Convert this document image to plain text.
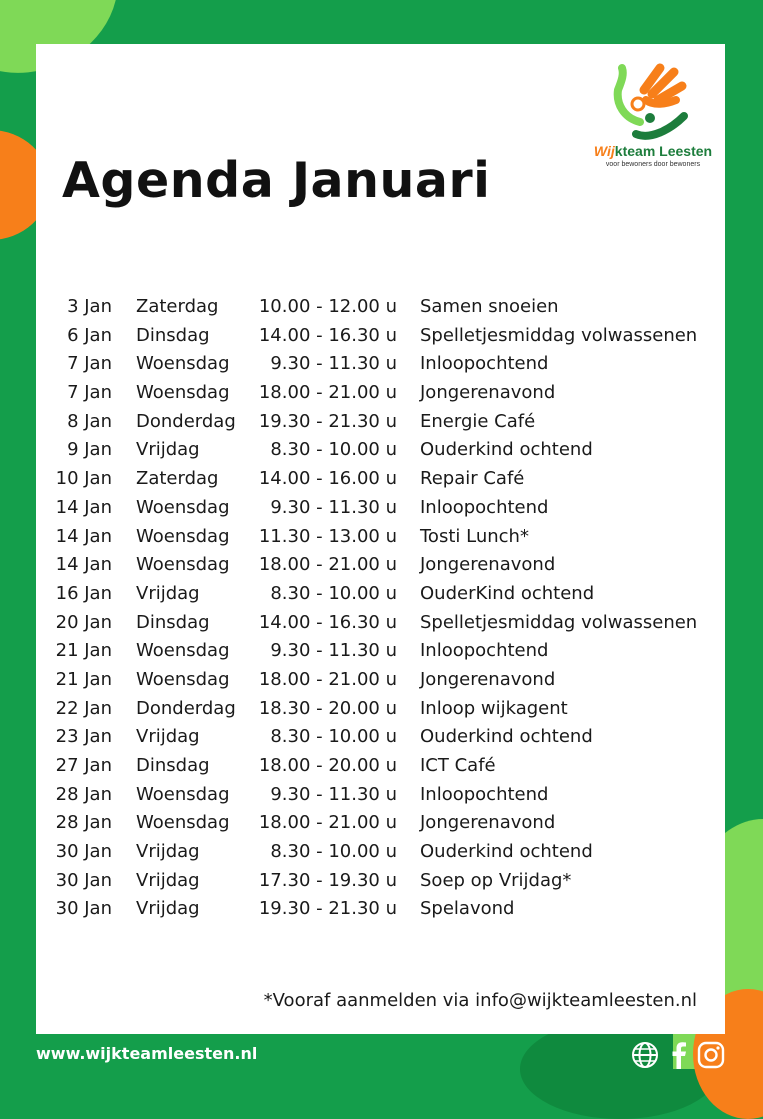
Wijkteam Leesten
voor bewoners door bewoners
Agenda Januari
3 Jan Zaterdag	10.00 - 12.00 u Samen snoeien
6 Jan Dinsdag	14.00 - 16.30 u Spelletjesmiddag volwassenen
7 Jan Woensdag	9.30 - 11.30 u Inloopochtend
7 Jan Woensdag	18.00 - 21.00 u Jongerenavond
8 Jan Donderdag	19.30 - 21.30 u Energie Café
9 Jan Vrijdag	8.30 - 10.00 u Ouderkind ochtend
10 Jan Zaterdag	14.00 - 16.00 u Repair Café
14 Jan Woensdag	9.30 - 11.30 u Inloopochtend
14 Jan Woensdag	11.30 - 13.00 u Tosti Lunch*
14 Jan Woensdag	18.00 - 21.00 u Jongerenavond
16 Jan Vrijdag	8.30 - 10.00 u OuderKind ochtend
20 Jan Dinsdag	14.00 - 16.30 u Spelletjesmiddag volwassenen
21 Jan Woensdag	9.30 - 11.30 u Inloopochtend
21 Jan Woensdag	18.00 - 21.00 u Jongerenavond
22 Jan Donderdag	18.30 - 20.00 u Inloop wijkagent
23 Jan Vrijdag	8.30 - 10.00 u Ouderkind ochtend
27 Jan Dinsdag	18.00 - 20.00 u ICT Café
28 Jan Woensdag	9.30 - 11.30 u Inloopochtend
28 Jan Woensdag	18.00 - 21.00 u Jongerenavond
30 Jan Vrijdag	8.30 - 10.00 u Ouderkind ochtend
30 Jan Vrijdag	17.30 - 19.30 u Soep op Vrijdag*
30 Jan Vrijdag	19.30 - 21.30 u Spelavond
*Vooraf aanmelden via info@wijkteamleesten.nl
www.wijkteamleesten.nl
